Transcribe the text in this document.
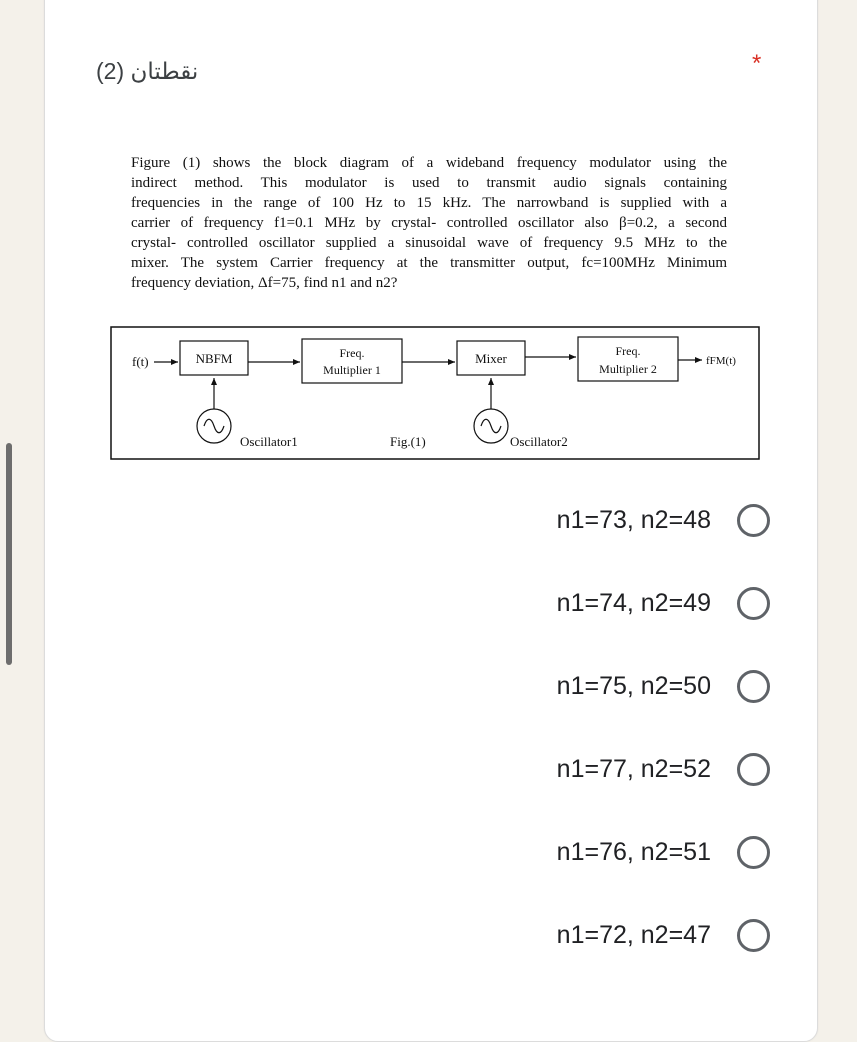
نقطتان (2)	*
Figure (1) shows the block diagram of a wideband frequency modulator using the
indirect method. This modulator is used to transmit audio signals containing
frequencies in the range of 100 Hz to 15 kHz. The narrowband is supplied with a
carrier of frequency f1=0.1 MHz by crystal- controlled oscillator also β=0.2, a second
crystal- controlled oscillator supplied a sinusoidal wave of frequency 9.5 MHz to the
mixer. The system Carrier frequency at the transmitter output, fc=100MHz Minimum
frequency deviation, Δf=75, find n1 and n2?
f(t)	NBFM	Freq.
Multiplier 1
Mixer	Freq.
Multiplier 2
fFM(t)
Oscillator1	Fig.(1)	Oscillator2
n1=73, n2=48
n1=74, n2=49
n1=75, n2=50
n1=77, n2=52
n1=76, n2=51
n1=72, n2=47
